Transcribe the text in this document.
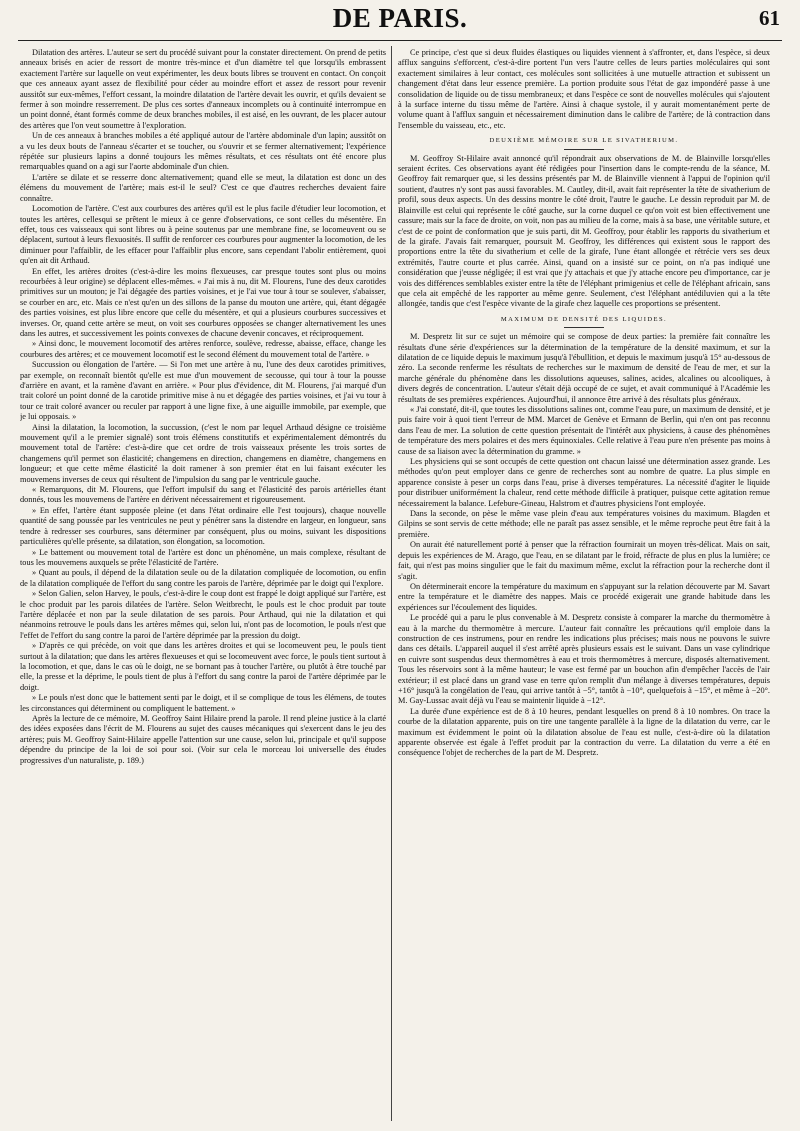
DE PARIS.	61

Dilatation des artères. L'auteur se sert du procédé suivant pour la constater directement. On prend de petits anneaux brisés en acier de ressort de montre très-mince et d'un diamètre tel que lorsqu'ils embrassent exactement l'artère sur laquelle on veut expérimenter, les deux bouts libres se trouvent en contact. On conçoit que ces anneaux ayant assez de flexibilité pour céder au moindre effort et assez de ressort pour revenir aussitôt sur eux-mêmes, l'effort cessant, la moindre dilatation de l'artère devait les ouvrir, et qu'ils devaient se fermer à son moindre resserrement. De plus ces sortes d'anneaux incomplets ou à continuité interrompue en un point donné, étant formés comme de deux branches mobiles, il est aisé, en les ouvrant, de les placer autour des artères que l'on veut soumettre à l'exploration.

Un de ces anneaux à branches mobiles a été appliqué autour de l'artère abdominale d'un lapin; aussitôt on a vu les deux bouts de l'anneau s'écarter et se toucher, ou s'ouvrir et se fermer alternativement; l'expérience répétée sur plusieurs lapins a donné toujours les mêmes résultats, et ces résultats ont été encore plus remarquables quand on a agi sur l'aorte abdominale d'un chien.

L'artère se dilate et se resserre donc alternativement; quand elle se meut, la dilatation est donc un des élémens du mouvement de l'artère; mais est-il le seul? C'est ce que d'autres recherches devaient faire connaître.

Locomotion de l'artère. C'est aux courbures des artères qu'il est le plus facile d'étudier leur locomotion, et toutes les artères, cellesqui se prêtent le mieux à ce genre d'observations, ce sont celles du mésentère. En effet, tous ces vaisseaux qui sont libres ou à peine soutenus par une membrane fine, se locomeuvent ou se déplacent, surtout à leurs flexuosités. Il suffit de renforcer ces courbures pour augmenter la locomotion, de les diminuer pour l'affaiblir, de les effacer pour l'affaiblir plus encore, sans cependant l'abolir entièrement, quoi qu'en ait dit Arthaud.

En effet, les artères droites (c'est-à-dire les moins flexueuses, car presque toutes sont plus ou moins recourbées à leur origine) se déplacent elles-mêmes. « J'ai mis à nu, dit M. Flourens, l'une des deux carotides primitives sur un mouton; je l'ai dégagée des parties voisines, et je l'ai vue tour à tour se soulever, s'abaisser, se courber en arc, etc. Mais ce n'est qu'en un des sillons de la panse du mouton une artère, qui, étant dégagée des parties voisines, est plus libre encore que celle du mésentère, et qui a plusieurs courbures successives et inverses. Or, quand cette artère se meut, on voit ses courbures opposées se changer alternativement les unes dans les autres, et successivement les points convexes de chacune devenir concaves, et réciproquement.

» Ainsi donc, le mouvement locomotif des artères renforce, soulève, redresse, abaisse, efface, change les courbures des artères; et ce mouvement locomotif est le second élément du mouvement total de l'artère. »

Succussion ou élongation de l'artère. — Si l'on met une artère à nu, l'une des deux carotides primitives, par exemple, on reconnaît bientôt qu'elle est mue d'un mouvement de secousse, qui tour à tour la pousse d'arrière en avant, et la ramène d'avant en arrière. « Pour plus d'évidence, dit M. Flourens, j'ai marqué d'un trait coloré un point donné de la carotide primitive mise à nu et dégagée des parties voisines, et j'ai vu tour à tour ce trait coloré avancer ou reculer par rapport à une ligne fixe, à une aiguille immobile, par exemple, que je lui opposais. »

Ainsi la dilatation, la locomotion, la succussion, (c'est le nom par lequel Arthaud désigne ce troisième mouvement qu'il a le premier signalé) sont trois élémens constitutifs et expérimentalement démontrés du mouvement total de l'artère: c'est-à-dire que cet ordre de trois vaisseaux présente les trois sortes de changemens qu'il permet son élasticité; changemens en direction, changemens en diamètre, changemens en longueur; et que cette même élasticité la doit ramener à son premier état en lui faisant exécuter les mouvemens inverses de ceux qui résultent de l'impulsion du sang par le ventricule gauche.

« Remarquons, dit M. Flourens, que l'effort impulsif du sang et l'élasticité des parois artérielles étant donnés, tous les mouvemens de l'artère en dérivent nécessairement et rigoureusement.

» En effet, l'artère étant supposée pleine (et dans l'état ordinaire elle l'est toujours), chaque nouvelle quantité de sang poussée par les ventricules ne peut y pénétrer sans la distendre en largeur, en longueur, sans tendre à redresser ses courbures, sans déterminer par conséquent, plus ou moins, suivant les dispositions particulières qu'elle présente, sa dilatation, son élongation, sa locomotion.

» Le battement ou mouvement total de l'artère est donc un phénomène, un mais complexe, résultant de tous les mouvemens auxquels se prête l'élasticité de l'artère.

» Quant au pouls, il dépend de la dilatation seule ou de la dilatation compliquée de locomotion, ou enfin de la dilatation compliquée de l'effort du sang contre les parois de l'artère, déprimée par le doigt qui l'explore.

» Selon Galien, selon Harvey, le pouls, c'est-à-dire le coup dont est frappé le doigt appliqué sur l'artère, est le choc produit par les parois dilatées de l'artère. Selon Weitbrecht, le pouls est le choc produit par toute l'artère déplacée et non par la seule dilatation de ses parois. Pour Arthaud, qui nie la dilatation et qui néanmoins retrouve le pouls dans les artères mêmes qui, selon lui, n'ont pas de locomotion, le pouls n'est que l'effet de l'effort du sang contre la paroi de l'artère déprimée par la pression du doigt.

» D'après ce qui précède, on voit que dans les artères droites et qui se locomeuvent peu, le pouls tient surtout à la dilatation; que dans les artères flexueuses et qui se locomeuvent avec force, le pouls tient surtout à la locomotion, et que, dans le cas où le doigt, ne se bornant pas à toucher l'artère, ou plutôt à être touché par elle, la presse et la déprime, le pouls tient de plus à l'effort du sang contre la paroi de l'artère déprimée par le doigt.

» Le pouls n'est donc que le battement senti par le doigt, et il se complique de tous les élémens, de toutes les circonstances qui déterminent ou compliquent le battement. »

Après la lecture de ce mémoire, M. Geoffroy Saint Hilaire prend la parole. Il rend pleine justice à la clarté des idées exposées dans l'écrit de M. Flourens au sujet des causes mécaniques qui s'exercent dans le jeu des artères; puis M. Geoffroy Saint-Hilaire appelle l'attention sur une cause, selon lui, principale et qu'il suppose dépendre du principe de la loi de soi pour soi. (Voir sur cela le morceau loi universelle des études progressives d'un naturaliste, p. 189.)

Ce principe, c'est que si deux fluides élastiques ou liquides viennent à s'affronter, et, dans l'espèce, si deux afflux sanguins s'efforcent, c'est-à-dire portent l'un vers l'autre celles de leurs parties moléculaires qui sont exactement similaires à leur contact, ces molécules sont sollicitées à une mutuelle attraction et subissent un changement d'état dans leur essence première. La portion produite sous l'état de gaz impondéré passe à une consolidation de liquide ou de tissu membraneux; et dans l'espèce ce sont de nouvelles molécules qui s'ajoutent à la surface interne du tissu même de l'artère. Ainsi à chaque systole, il y aurait momentanément perte de volume quant à l'afflux sanguin et nécessairement diminution dans le calibre de l'artère; de là contraction dans l'ensemble du vaisseau, etc., etc.

DEUXIÈME MÉMOIRE SUR LE SIVATHERIUM.

M. Geoffroy St-Hilaire avait annoncé qu'il répondrait aux observations de M. de Blainville lorsqu'elles seraient écrites. Ces observations ayant été rédigées pour l'insertion dans le compte-rendu de la séance, M. Geoffroy fait remarquer que, si les dessins présentés par M. de Blainville viennent à l'appui de l'opinion qu'il soutient, d'autres n'y sont pas aussi favorables. M. Cautley, dit-il, avait fait représenter la tête de sivatherium de profil, sous deux aspects. Un des dessins montre le côté droit, l'autre le gauche. Le dessin reproduit par M. de Blainville est celui qui représente le côté gauche, sur la corne duquel ce qu'on voit est bien effectivement une cassure; mais sur la face de droite, on voit, non pas au milieu de la corne, mais à sa base, une véritable suture, et c'est de ce point de conformation que je suis parti, dit M. Geoffroy, pour établir les rapports du sivatherium et de la girafe. J'avais fait remarquer, poursuit M. Geoffroy, les différences qui existent sous le rapport des proportions entre la tête du sivatherium et celle de la girafe, l'une étant allongée et rétrécie vers ses deux extrémités, l'autre courte et plus carrée. Ainsi, quand on a insisté sur ce point, on n'a pas indiqué une considération que j'eusse négligée; il est vrai que j'y attachais et que j'y attache encore peu d'importance, car je vois des différences semblables exister entre la tête de l'éléphant primigenius et celle de l'éléphant africain, sans que cela ait empêché de les rapporter au même genre. Seulement, c'est l'éléphant antédiluvien qui a la tête allongée, tandis que c'est l'espèce vivante de la girafe chez laquelle ces proportions se présentent.

MAXIMUM DE DENSITÉ DES LIQUIDES.

M. Despretz lit sur ce sujet un mémoire qui se compose de deux parties: la première fait connaître les résultats d'une série d'expériences sur la détermination de la température de la densité maximum, et sur la dilatation de ce liquide depuis le maximum jusqu'à l'ébullition, et depuis le maximum jusqu'à 15° au-dessous de zéro. La seconde renferme les résultats de recherches sur le maximum de densité de l'eau de mer, et sur la marche générale du phénomène dans les dissolutions aqueuses, salines, acides, alcalines ou alcooliques, à divers degrés de concentration. L'auteur s'était déjà occupé de ce sujet, et avait communiqué à l'Académie les résultats de ses premières expériences. Aujourd'hui, il annonce être arrivé à des résultats plus généraux.

« J'ai constaté, dit-il, que toutes les dissolutions salines ont, comme l'eau pure, un maximum de densité, et je puis faire voir à quoi tient l'erreur de MM. Marcet de Genève et Ermann de Berlin, qui n'en ont pas reconnu dans l'eau de mer. La solution de cette question présentait de l'intérêt aux physiciens, à cause des phénomènes de température des mers polaires et des mers équinoxiales. Celle relative à l'eau pure n'en présente pas moins à cause de sa liaison avec la détermination du gramme. »

Les physiciens qui se sont occupés de cette question ont chacun laissé une détermination assez grande. Les méthodes qu'on peut employer dans ce genre de recherches sont au nombre de quatre. La plus simple en apparence consiste à peser un corps dans l'eau, prise à diverses températures. La nécessité d'agiter le liquide pour distribuer uniformément la chaleur, rend cette méthode difficile à pratiquer, puisque cette agitation remue nécessairement la balance. Lefebure-Gineau, Halstrom et d'autres physiciens l'ont employée.

Dans la seconde, on pèse le même vase plein d'eau aux températures voisines du maximum. Blagden et Gilpins se sont servis de cette méthode; elle ne paraît pas assez sensible, et le même reproche peut être fait à la première.

On aurait été naturellement porté à penser que la réfraction fournirait un moyen très-délicat. Mais on sait, depuis les expériences de M. Arago, que l'eau, en se dilatant par le froid, réfracte de plus en plus la lumière; ce fait, qui n'est pas moins singulier que le fait du maximum même, exclut la réfraction pour la recherche dont il s'agit.

On déterminerait encore la température du maximum en s'appuyant sur la relation découverte par M. Savart entre la température et le diamètre des nappes. Mais ce procédé exigerait une grande habitude dans les expériences sur l'écoulement des liquides.

Le procédé qui a paru le plus convenable à M. Despretz consiste à comparer la marche du thermomètre à eau à la marche du thermomètre à mercure. L'auteur fait connaître les précautions qu'il emploie dans la construction de ces instrumens, pour en rendre les indications plus précises; mais nous ne pouvons le suivre dans ces détails. L'appareil auquel il s'est arrêté après plusieurs essais est le suivant. Dans un vase cylindrique en cuivre sont suspendus deux thermomètres à eau et trois thermomètres à mercure, disposés alternativement. Tous les réservoirs sont à la même hauteur; le vase est fermé par un bouchon afin d'empêcher l'accès de l'air extérieur; il est placé dans un grand vase en terre qu'on remplit d'un mélange à diverses températures, depuis +16° jusqu'à la congélation de l'eau, qui arrive tantôt à −5°, tantôt à −10°, quelquefois à −15°, et même à −20°. M. Gay-Lussac avait déjà vu l'eau se maintenir liquide à −12°.

La durée d'une expérience est de 8 à 10 heures, pendant lesquelles on prend 8 à 10 nombres. On trace la courbe de la dilatation apparente, puis on tire une tangente parallèle à la ligne de la dilatation du verre, car le maximum est évidemment le point où la dilatation absolue de l'eau est nulle, c'est-à-dire où la dilatation apparente observée est égale à l'effet produit par la contraction du verre. La dilatation du verre a été en conséquence l'objet de recherches de la part de M. Despretz.
